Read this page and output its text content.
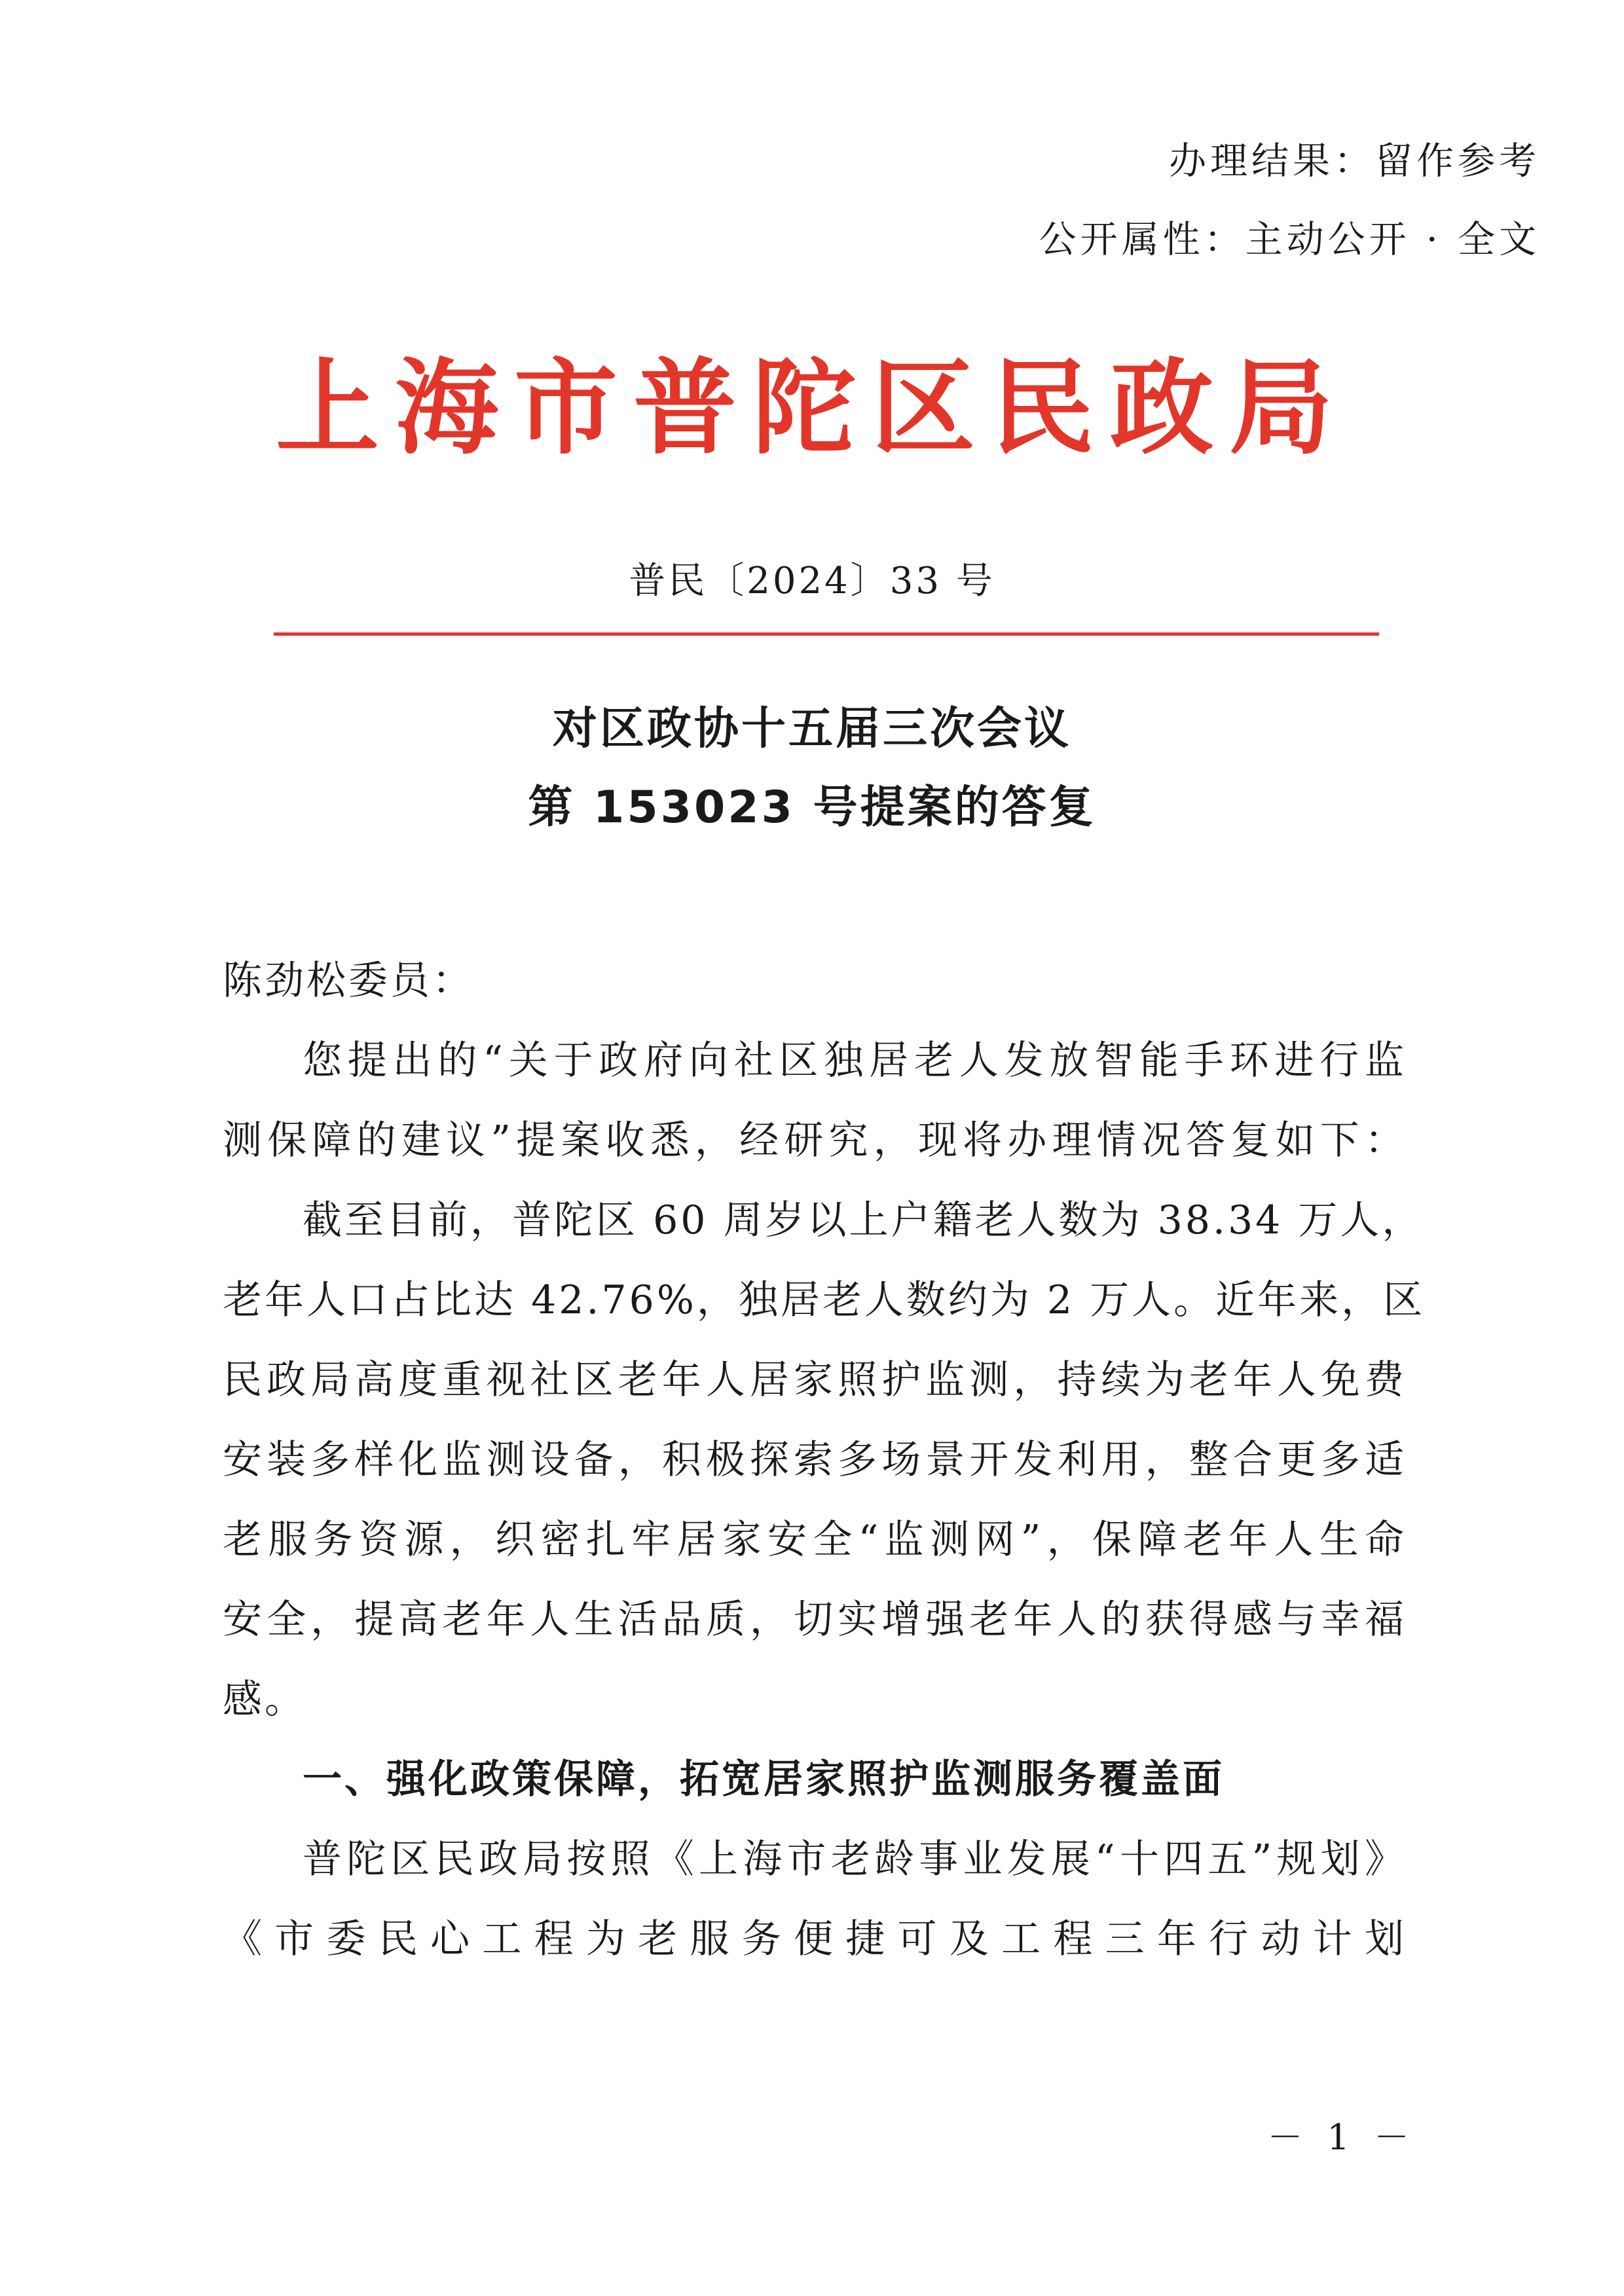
办理结果：留作参考
公开属性：主动公开 · 全文
上海市普陀区民政局
普民〔2024〕33 号
对区政协十五届三次会议
第 153023 号提案的答复
陈劲松委员：
您提出的“关于政府向社区独居老人发放智能手环进行监
测保障的建议”提案收悉，经研究，现将办理情况答复如下：
截至目前，普陀区 60 周岁以上户籍老人数为 38.34 万人，
老年人口占比达 42.76%，独居老人数约为 2 万人。近年来，区
民政局高度重视社区老年人居家照护监测，持续为老年人免费
安装多样化监测设备，积极探索多场景开发利用，整合更多适
老服务资源，织密扎牢居家安全“监测网”，保障老年人生命
安全，提高老年人生活品质，切实增强老年人的获得感与幸福
感。
一、强化政策保障，拓宽居家照护监测服务覆盖面
普陀区民政局按照《上海市老龄事业发展“十四五”规划》
《市委民心工程为老服务便捷可及工程三年行动计划
－ 1 －
